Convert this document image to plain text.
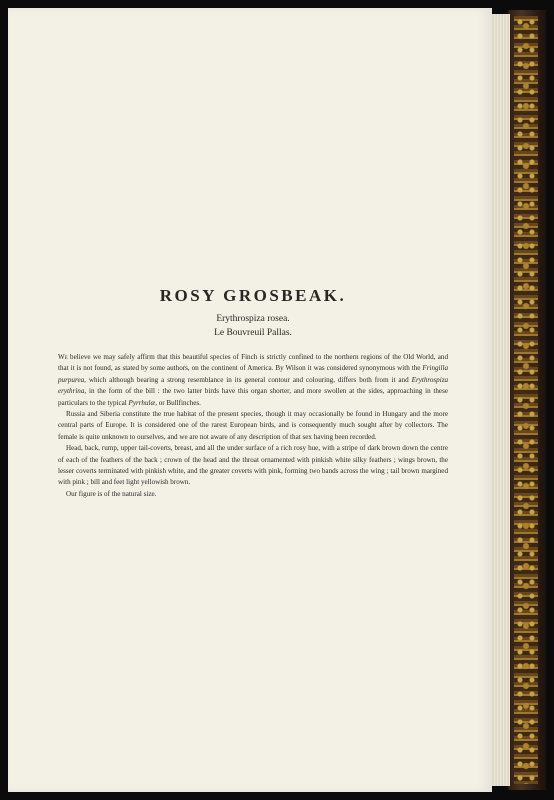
ROSY GROSBEAK.
Erythrospiza rosea.
Le Bouvreuil Pallas.

We believe we may safely affirm that this beautiful species of Finch is strictly confined to the northern regions of the Old World, and that it is not found, as stated by some authors, on the continent of America. By Wilson it was considered synonymous with the Fringilla purpurea, which although bearing a strong resemblance in its general contour and colouring, differs both from it and Erythrospiza erythrina, in the form of the bill : the two latter birds have this organ shorter, and more swollen at the sides, approaching in these particulars to the typical Pyrrhulæ, or Bullfinches.

Russia and Siberia constitute the true habitat of the present species, though it may occasionally be found in Hungary and the more central parts of Europe. It is considered one of the rarest European birds, and is consequently much sought after by collectors. The female is quite unknown to ourselves, and we are not aware of any description of that sex having been recorded.

Head, back, rump, upper tail-coverts, breast, and all the under surface of a rich rosy hue, with a stripe of dark brown down the centre of each of the feathers of the back ; crown of the head and the throat ornamented with pinkish white silky feathers ; wings brown, the lesser coverts terminated with pinkish white, and the greater coverts with pink, forming two bands across the wing ; tail brown margined with pink ; bill and feet light yellowish brown.

Our figure is of the natural size.
